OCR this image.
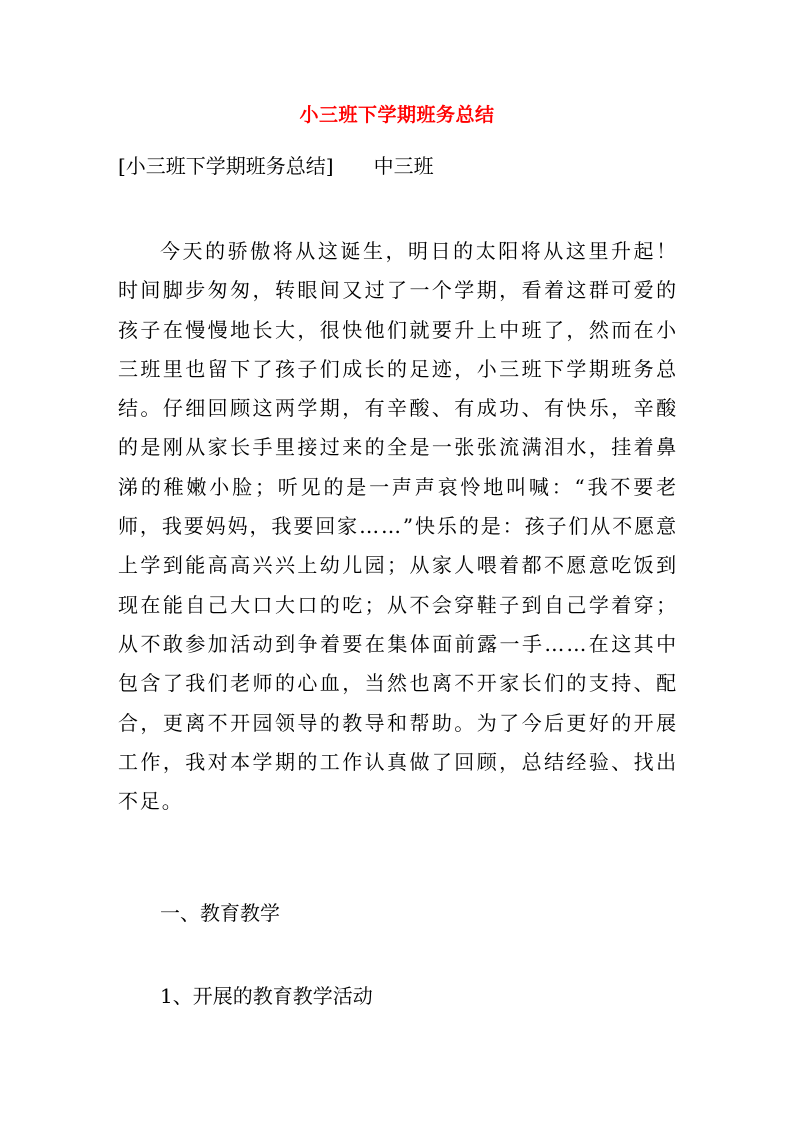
小三班下学期班务总结
[小三班下学期班务总结]　　中三班
今天的骄傲将从这诞生，明日的太阳将从这里升起！时间脚步匆匆，转眼间又过了一个学期，看着这群可爱的孩子在慢慢地长大，很快他们就要升上中班了，然而在小三班里也留下了孩子们成长的足迹，小三班下学期班务总结。仔细回顾这两学期，有辛酸、有成功、有快乐，辛酸的是刚从家长手里接过来的全是一张张流满泪水，挂着鼻涕的稚嫩小脸；听见的是一声声哀怜地叫喊：“我不要老师，我要妈妈，我要回家……”快乐的是：孩子们从不愿意上学到能高高兴兴上幼儿园；从家人喂着都不愿意吃饭到现在能自己大口大口的吃；从不会穿鞋子到自己学着穿；从不敢参加活动到争着要在集体面前露一手……在这其中包含了我们老师的心血，当然也离不开家长们的支持、配合，更离不开园领导的教导和帮助。为了今后更好的开展工作，我对本学期的工作认真做了回顾，总结经验、找出不足。
一、教育教学
1、开展的教育教学活动
